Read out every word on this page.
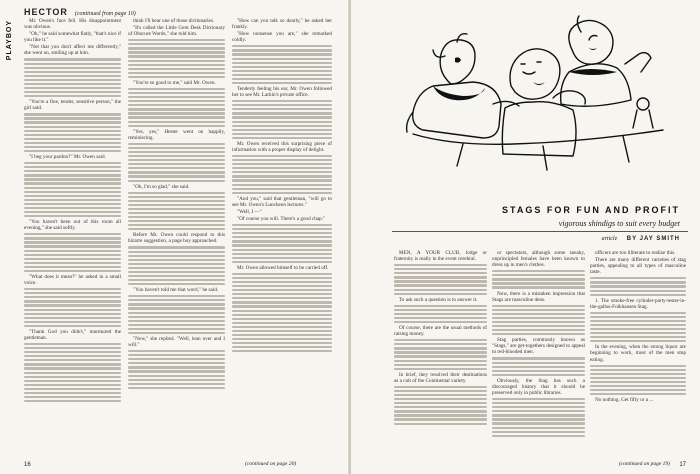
PLAYBOY
HECTOR (continued from page 10)

Mr. Owen's face fell. His disappointment was obvious.

"Oh," he said somewhat flatly, "that's nice if you like it."

"Not that you don't affect me differently," she went on, smiling up at him.

"You're a fine, tender, sensitive person," the girl said.

"I beg your pardon?" Mr. Owen said.

"You haven't been out of this room all evening," she said softly.

"What does it mean?" he asked in a small voice.

"Thank God you didn't," murmured the gentleman.

think I'll bear one of those dictionaries.

"It's called the Little Gem Desk Dictionary of Obscure Words," she told him.

"You're so good to me," said Mr. Owen.

"Yes, yes," Hester went on happily, reminiscing.

"Oh, I'm so glad," she said.

Before Mr. Owen could respond to this bizarre suggestion, a page boy approached.

"You haven't told me that word," he said.

"Now," she replied. "Well, lean over and I will."

"How can you talk so dearly," he asked her frankly.

"How nonsense you are," she remarked coldly.

Tenderly feeling his ear, Mr. Owen followed her to see Mr. Larkin's private office.

Mr. Owen received this surprising piece of information with a proper display of delight.

"And you," said that gentleman, "will go to see Mr. Owen's Luncheon lectures."

"Well, I —"

"Of course you will. There's a good chap."

Mr. Owen allowed himself to be carried off.

16	(continued on page 20)
STAGS FOR FUN AND PROFIT
vigorous shindigs to suit every budget
article BY JAY SMITH

MEN, A YOUR CLUB, lodge or fraternity is really in the event cerebral.

To ask such a question is to answer it.

Of course, there are the usual methods of raising money.

In brief, they resolved their destinations as a cult of the Continental variety.

or spectators, although some sneaky, unprincipled females have been known to dress up in men's clothes.

Now, there is a mistaken impression that Stags are masculine dens.

Stag parties, commonly known as "Stags," are get-togethers designed to appeal to red-blooded men.

Obviously, the Stag has such a discouraged history that it should be preserved only in public libraries.

officers are too illiterate to realize this.

There are many different varieties of stag parties, appealing to all types of masculine taste.

1. The smoke-free cylinder-party-tester-in-the-gallus-Folkhausen Stag.

In the evening, when the strong liquor are beginning to work, most of the men stop eating.

No nothing. Get fifty or a ...

(continued on page 19) 17
